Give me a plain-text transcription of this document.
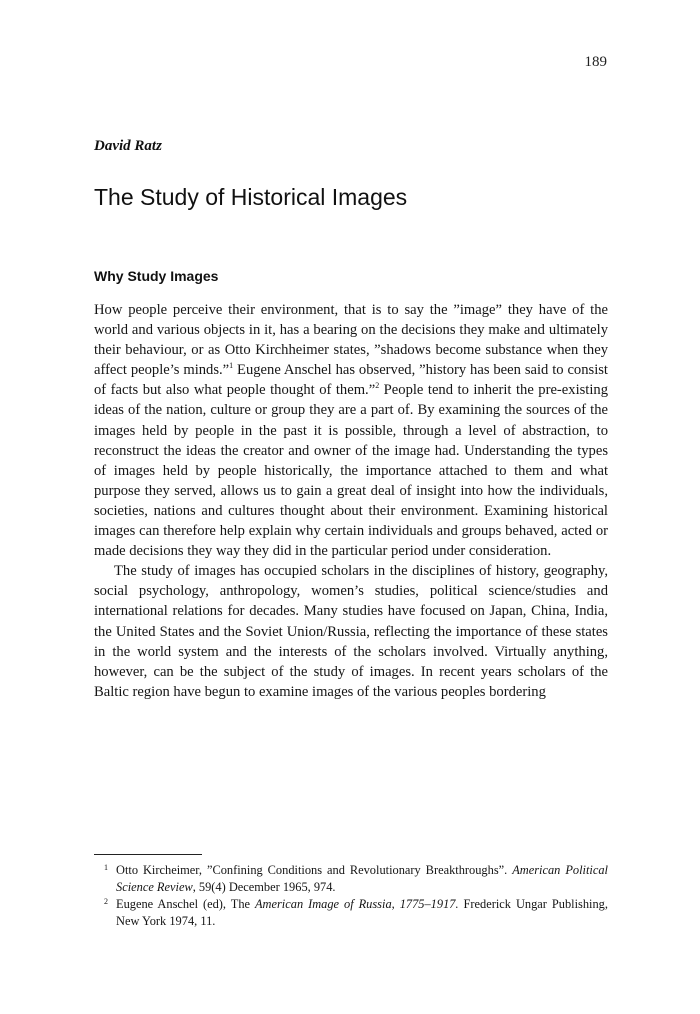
189
David Ratz
The Study of Historical Images
Why Study Images

How people perceive their environment, that is to say the ”image” they have of the world and various objects in it, has a bearing on the decisions they make and ultimately their behaviour, or as Otto Kirchheimer states, ”shadows become substance when they affect people’s minds.”$^1$ Eugene Anschel has observed, ”history has been said to consist of facts but also what people thought of them.”$^2$ People tend to inherit the pre-existing ideas of the nation, culture or group they are a part of. By examining the sources of the images held by people in the past it is possible, through a level of abstraction, to reconstruct the ideas the creator and owner of the image had. Understanding the types of images held by people historically, the importance attached to them and what purpose they served, allows us to gain a great deal of insight into how the individuals, societies, nations and cultures thought about their environment. Examining historical images can therefore help explain why certain individuals and groups behaved, acted or made decisions they way they did in the particular period under consideration.

The study of images has occupied scholars in the disciplines of history, geography, social psychology, anthropology, women’s studies, political science/studies and international relations for decades. Many studies have focused on Japan, China, India, the United States and the Soviet Union/Russia, reflecting the importance of these states in the world system and the interests of the scholars involved. Virtually anything, however, can be the subject of the study of images. In recent years scholars of the Baltic region have begun to examine images of the various peoples bordering

1 Otto Kircheimer, ”Confining Conditions and Revolutionary Breakthroughs”. American Political Science Review, 59(4) December 1965, 974.
2 Eugene Anschel (ed), The American Image of Russia, 1775–1917. Frederick Ungar Publishing, New York 1974, 11.
